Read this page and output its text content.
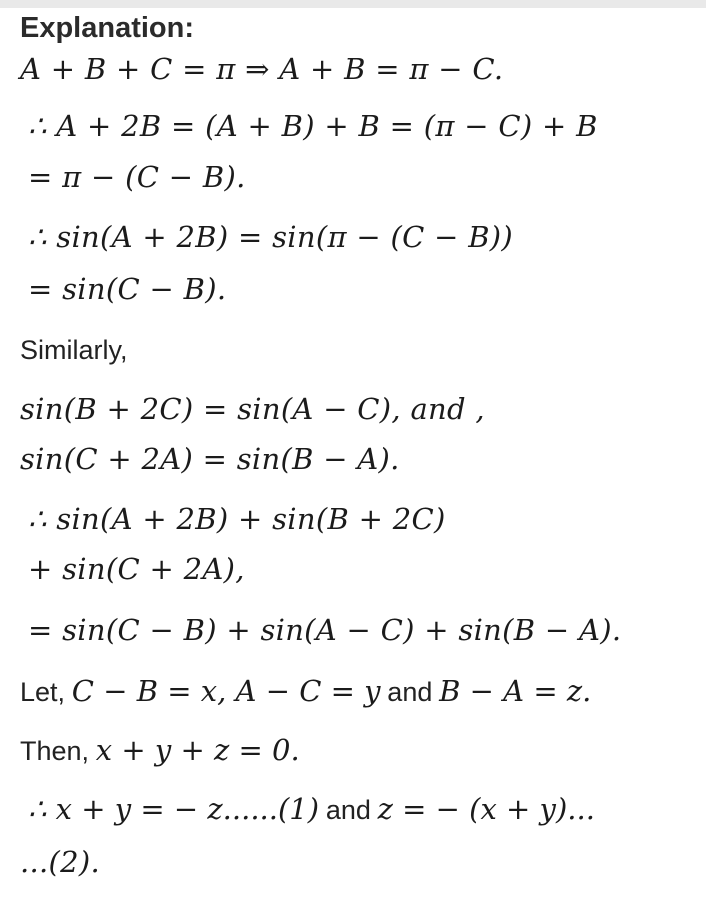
Explanation:
A + B + C = π ⇒ A + B = π − C.
∴ A + 2B = (A + B) + B = (π − C) + B
= π − (C − B).
∴ sin(A + 2B) = sin(π − (C − B))
= sin(C − B).
Similarly,
sin(B + 2C) = sin(A − C), and ,
sin(C + 2A) = sin(B − A).
∴ sin(A + 2B) + sin(B + 2C)
+ sin(C + 2A),
= sin(C − B) + sin(A − C) + sin(B − A).
Let, C − B = x, A − C = y and B − A = z.
Then, x + y + z = 0.
∴ x + y = − z......(1) and z = − (x + y)...
...(2).
